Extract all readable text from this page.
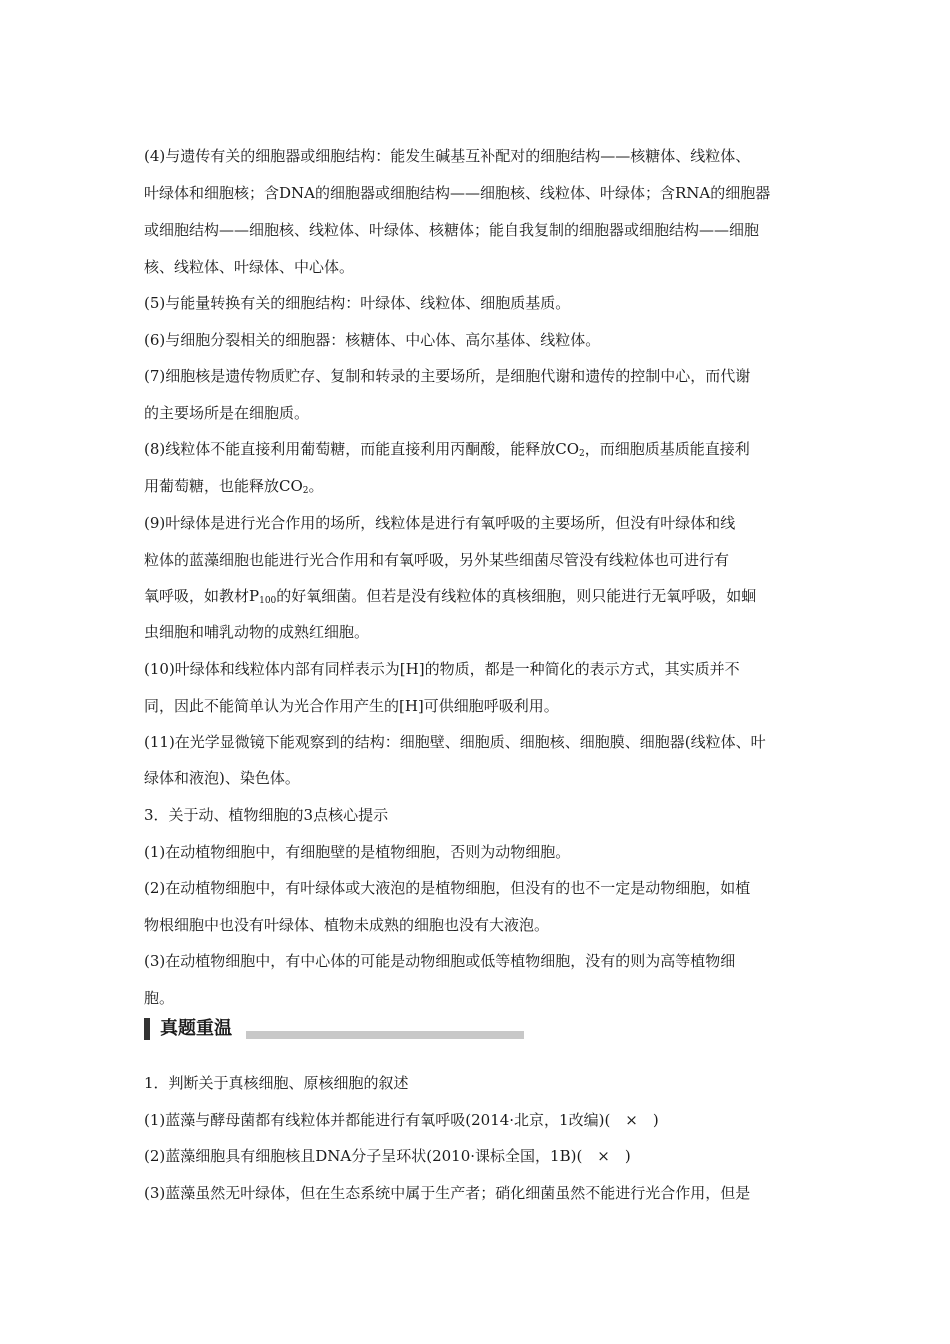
(4)与遗传有关的细胞器或细胞结构：能发生碱基互补配对的细胞结构——核糖体、线粒体、
叶绿体和细胞核；含DNA的细胞器或细胞结构——细胞核、线粒体、叶绿体；含RNA的细胞器
或细胞结构——细胞核、线粒体、叶绿体、核糖体；能自我复制的细胞器或细胞结构——细胞
核、线粒体、叶绿体、中心体。
(5)与能量转换有关的细胞结构：叶绿体、线粒体、细胞质基质。
(6)与细胞分裂相关的细胞器：核糖体、中心体、高尔基体、线粒体。
(7)细胞核是遗传物质贮存、复制和转录的主要场所，是细胞代谢和遗传的控制中心，而代谢
的主要场所是在细胞质。
(8)线粒体不能直接利用葡萄糖，而能直接利用丙酮酸，能释放$CO_2$，而细胞质基质能直接利
用葡萄糖，也能释放$CO_2$。
(9)叶绿体是进行光合作用的场所，线粒体是进行有氧呼吸的主要场所，但没有叶绿体和线
粒体的蓝藻细胞也能进行光合作用和有氧呼吸，另外某些细菌尽管没有线粒体也可进行有
氧呼吸，如教材$P_{100}$的好氧细菌。但若是没有线粒体的真核细胞，则只能进行无氧呼吸，如蛔
虫细胞和哺乳动物的成熟红细胞。
(10)叶绿体和线粒体内部有同样表示为[H]的物质，都是一种简化的表示方式，其实质并不
同，因此不能简单认为光合作用产生的[H]可供细胞呼吸利用。
(11)在光学显微镜下能观察到的结构：细胞壁、细胞质、细胞核、细胞膜、细胞器(线粒体、叶
绿体和液泡)、染色体。
3．关于动、植物细胞的3点核心提示
(1)在动植物细胞中，有细胞壁的是植物细胞，否则为动物细胞。
(2)在动植物细胞中，有叶绿体或大液泡的是植物细胞，但没有的也不一定是动物细胞，如植
物根细胞中也没有叶绿体、植物未成熟的细胞也没有大液泡。
(3)在动植物细胞中，有中心体的可能是动物细胞或低等植物细胞，没有的则为高等植物细
胞。
真题重温
1．判断关于真核细胞、原核细胞的叙述
(1)蓝藻与酵母菌都有线粒体并都能进行有氧呼吸(2014·北京，1改编)(　×　)
(2)蓝藻细胞具有细胞核且DNA分子呈环状(2010·课标全国，1B)(　×　)
(3)蓝藻虽然无叶绿体，但在生态系统中属于生产者；硝化细菌虽然不能进行光合作用，但是
